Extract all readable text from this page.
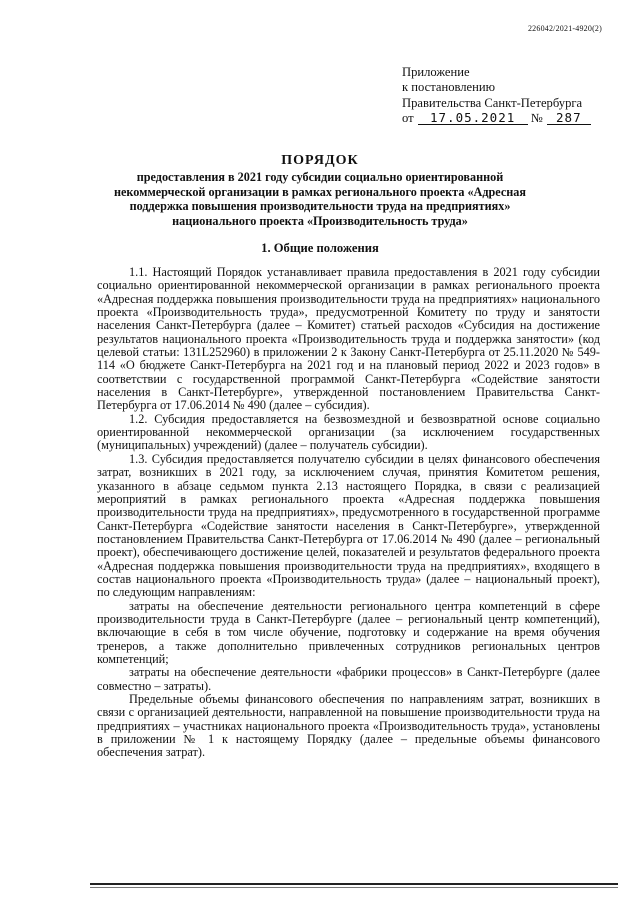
226042/2021-4920(2)
Приложение
к постановлению
Правительства Санкт-Петербурга
от 17.05.2021 № 287
ПОРЯДОК
предоставления в 2021 году субсидии социально ориентированной некоммерческой организации в рамках регионального проекта «Адресная поддержка повышения производительности труда на предприятиях» национального проекта «Производительность труда»
1. Общие положения

1.1. Настоящий Порядок устанавливает правила предоставления в 2021 году субсидии социально ориентированной некоммерческой организации в рамках регионального проекта «Адресная поддержка повышения производительности труда на предприятиях» национального проекта «Производительность труда», предусмотренной Комитету по труду и занятости населения Санкт-Петербурга (далее – Комитет) статьей расходов «Субсидия на достижение результатов национального проекта «Производительность труда и поддержка занятости» (код целевой статьи: 131L252960) в приложении 2 к Закону Санкт-Петербурга от 25.11.2020 № 549-114 «О бюджете Санкт-Петербурга на 2021 год и на плановый период 2022 и 2023 годов» в соответствии с государственной программой Санкт-Петербурга «Содействие занятости населения в Санкт-Петербурге», утвержденной постановлением Правительства Санкт-Петербурга от 17.06.2014 № 490 (далее – субсидия).

1.2. Субсидия предоставляется на безвозмездной и безвозвратной основе социально ориентированной некоммерческой организации (за исключением государственных (муниципальных) учреждений) (далее – получатель субсидии).

1.3. Субсидия предоставляется получателю субсидии в целях финансового обеспечения затрат, возникших в 2021 году, за исключением случая, принятия Комитетом решения, указанного в абзаце седьмом пункта 2.13 настоящего Порядка, в связи с реализацией мероприятий в рамках регионального проекта «Адресная поддержка повышения производительности труда на предприятиях», предусмотренного в государственной программе Санкт-Петербурга «Содействие занятости населения в Санкт-Петербурге», утвержденной постановлением Правительства Санкт-Петербурга от 17.06.2014 № 490 (далее – региональный проект), обеспечивающего достижение целей, показателей и результатов федерального проекта «Адресная поддержка повышения производительности труда на предприятиях», входящего в состав национального проекта «Производительность труда» (далее – национальный проект), по следующим направлениям:

затраты на обеспечение деятельности регионального центра компетенций в сфере производительности труда в Санкт-Петербурге (далее – региональный центр компетенций), включающие в себя в том числе обучение, подготовку и содержание на время обучения тренеров, а также дополнительно привлеченных сотрудников региональных центров компетенций;

затраты на обеспечение деятельности «фабрики процессов» в Санкт-Петербурге (далее совместно – затраты).

Предельные объемы финансового обеспечения по направлениям затрат, возникших в связи с организацией деятельности, направленной на повышение производительности труда на предприятиях – участниках национального проекта «Производительность труда», установлены в приложении № 1 к настоящему Порядку (далее – предельные объемы финансового обеспечения затрат).
